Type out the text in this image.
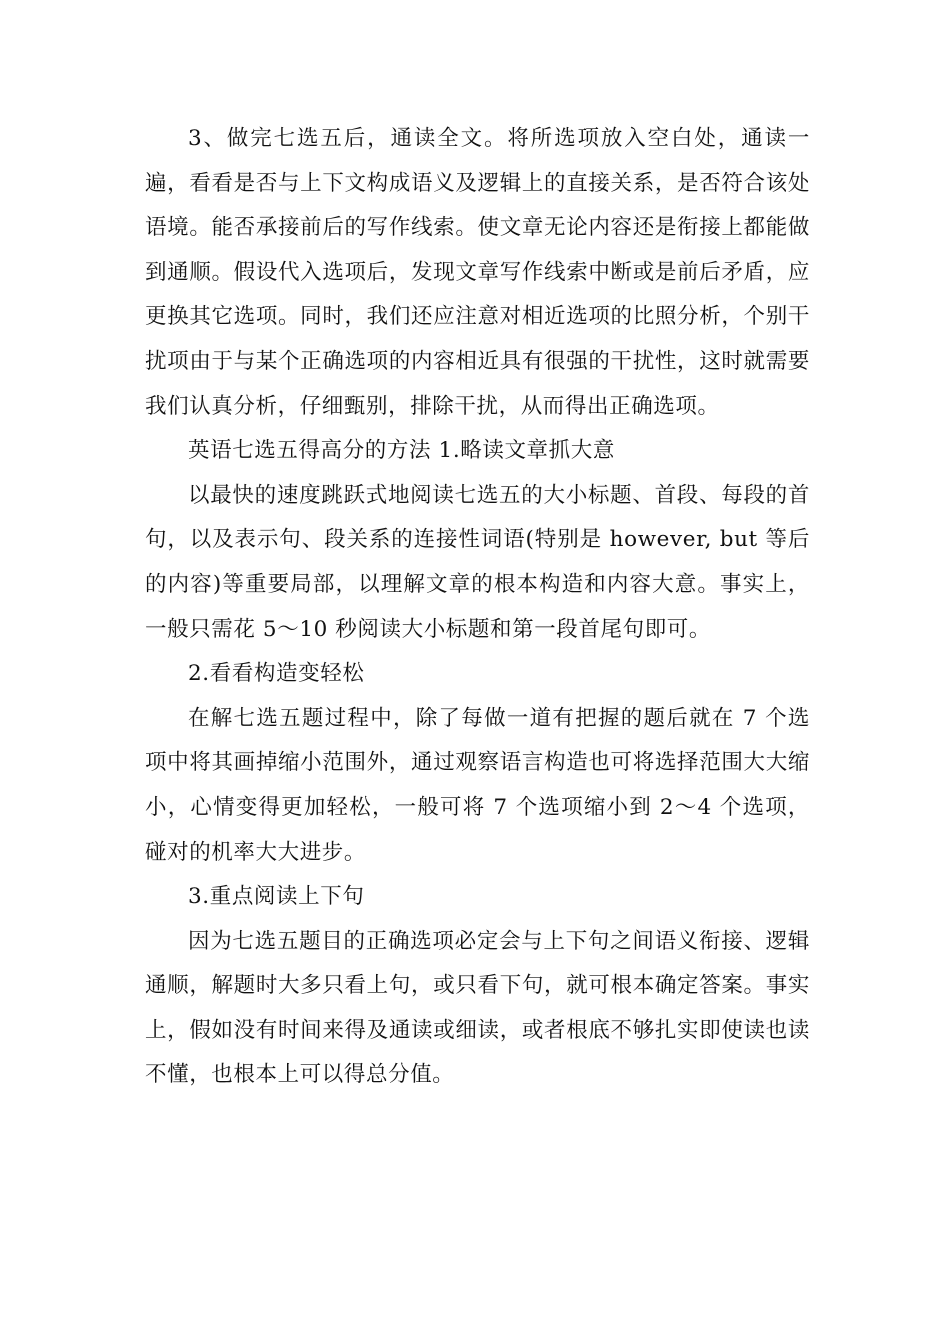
3、做完七选五后，通读全文。将所选项放入空白处，通读一遍，看看是否与上下文构成语义及逻辑上的直接关系，是否符合该处语境。能否承接前后的写作线索。使文章无论内容还是衔接上都能做到通顺。假设代入选项后，发现文章写作线索中断或是前后矛盾，应更换其它选项。同时，我们还应注意对相近选项的比照分析，个别干扰项由于与某个正确选项的内容相近具有很强的干扰性，这时就需要我们认真分析，仔细甄别，排除干扰，从而得出正确选项。

英语七选五得高分的方法 1.略读文章抓大意

以最快的速度跳跃式地阅读七选五的大小标题、首段、每段的首句，以及表示句、段关系的连接性词语(特别是 however, but 等后的内容)等重要局部，以理解文章的根本构造和内容大意。事实上，一般只需花 5～10 秒阅读大小标题和第一段首尾句即可。

2.看看构造变轻松

在解七选五题过程中，除了每做一道有把握的题后就在 7 个选项中将其画掉缩小范围外，通过观察语言构造也可将选择范围大大缩小，心情变得更加轻松，一般可将 7 个选项缩小到 2～4 个选项，碰对的机率大大进步。

3.重点阅读上下句

因为七选五题目的正确选项必定会与上下句之间语义衔接、逻辑通顺，解题时大多只看上句，或只看下句，就可根本确定答案。事实上，假如没有时间来得及通读或细读，或者根底不够扎实即使读也读不懂，也根本上可以得总分值。
